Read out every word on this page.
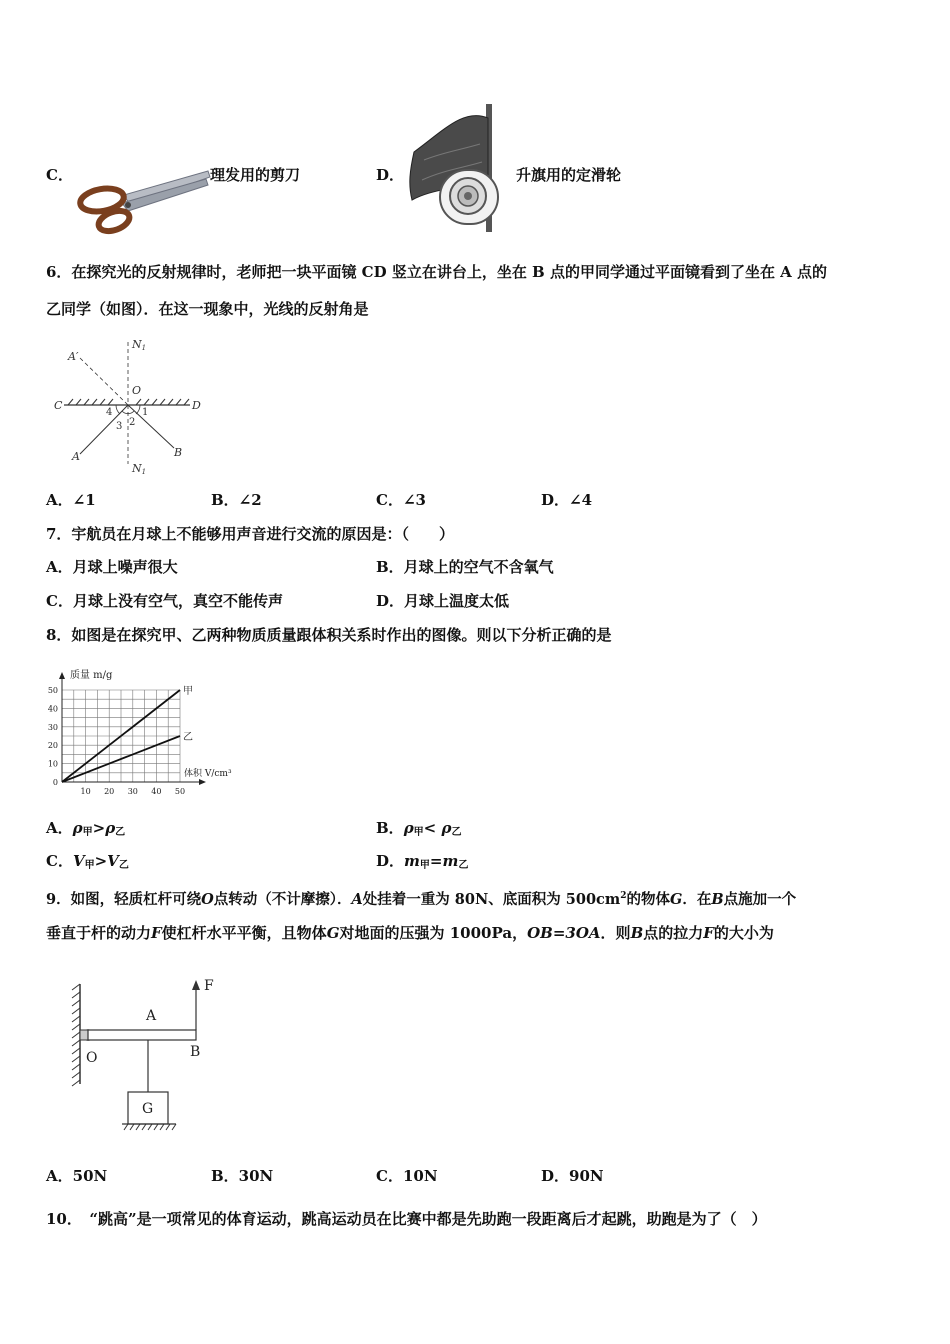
C．	理发用的剪刀	D．	升旗用的定滑轮
6．在探究光的反射规律时，老师把一块平面镜 CD 竖立在讲台上，坐在 B 点的甲同学通过平面镜看到了坐在 A 点的
乙同学（如图）．在这一现象中，光线的反射角是
A′
N1
O
C	D
A	B
N1
1
2
3
4
A．∠1	B．∠2	C．∠3	D．∠4
7．宇航员在月球上不能够用声音进行交流的原因是：（　　）
A．月球上噪声很大	B．月球上的空气不含氧气
C．月球上没有空气，真空不能传声	D．月球上温度太低
8．如图是在探究甲、乙两种物质质量跟体积关系时作出的图像。则以下分析正确的是
10 20 30 40 50
0
10
20
30
40
50
质量 m/g
体积 V/cm³
甲
乙
A．$\rho_甲>\rho_乙$	B．$\rho_甲< \rho_乙$
C．$V_甲>V_乙$	D．$m_甲=m_乙$
9．如图，轻质杠杆可绕O点转动（不计摩擦）．A处挂着一重为 80N、底面积为 $500cm^2$的物体G．在B点施加一个
垂直于杆的动力F使杠杆水平平衡，且物体G对地面的压强为 1000Pa，OB=3OA．则B点的拉力F的大小为
F
A
O	B
G
A．50N	B．30N	C．10N	D．90N
10．　“跳高”是一项常见的体育运动，跳高运动员在比赛中都是先助跑一段距离后才起跳，助跑是为了（　）
